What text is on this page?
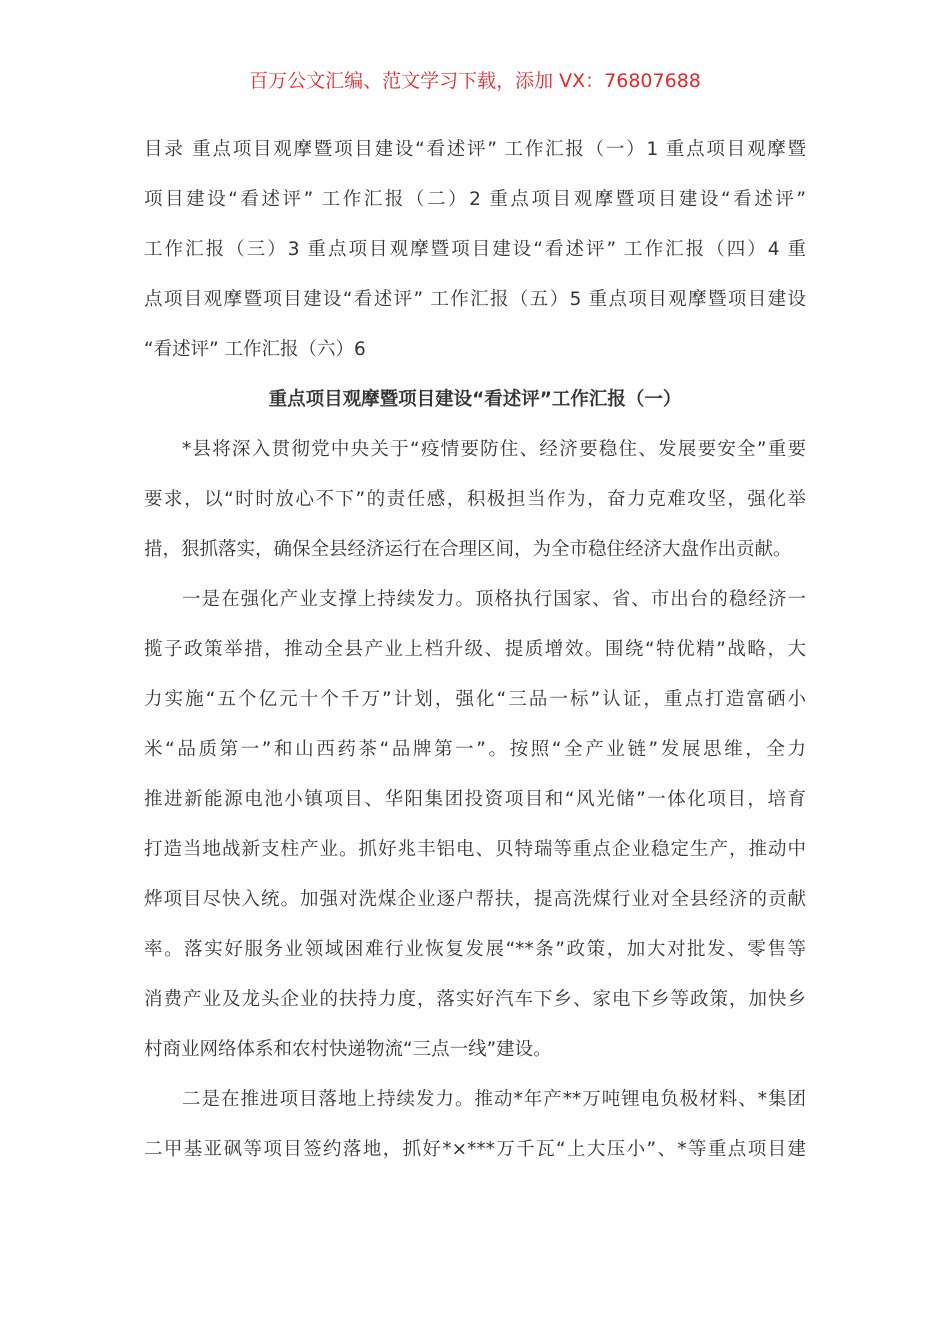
百万公文汇编、范文学习下载，添加 VX：76807688
目录 重点项目观摩暨项目建设“看述评” 工作汇报（一）1 重点项目观摩暨
项目建设“看述评” 工作汇报（二）2 重点项目观摩暨项目建设“看述评”
工作汇报（三）3 重点项目观摩暨项目建设“看述评” 工作汇报（四）4 重
点项目观摩暨项目建设“看述评” 工作汇报（五）5 重点项目观摩暨项目建设
“看述评” 工作汇报（六）6
重点项目观摩暨项目建设“看述评”工作汇报（一）
*县将深入贯彻党中央关于“疫情要防住、经济要稳住、发展要安全”重要
要求，以“时时放心不下”的责任感，积极担当作为，奋力克难攻坚，强化举
措，狠抓落实，确保全县经济运行在合理区间，为全市稳住经济大盘作出贡献。
一是在强化产业支撑上持续发力。顶格执行国家、省、市出台的稳经济一
揽子政策举措，推动全县产业上档升级、提质增效。围绕“特优精”战略，大
力实施“五个亿元十个千万”计划，强化“三品一标”认证，重点打造富硒小
米“品质第一”和山西药茶“品牌第一”。按照“全产业链”发展思维，全力
推进新能源电池小镇项目、华阳集团投资项目和“风光储”一体化项目，培育
打造当地战新支柱产业。抓好兆丰铝电、贝特瑞等重点企业稳定生产，推动中
烨项目尽快入统。加强对洗煤企业逐户帮扶，提高洗煤行业对全县经济的贡献
率。落实好服务业领域困难行业恢复发展“**条”政策，加大对批发、零售等
消费产业及龙头企业的扶持力度，落实好汽车下乡、家电下乡等政策，加快乡
村商业网络体系和农村快递物流“三点一线”建设。
二是在推进项目落地上持续发力。推动*年产**万吨锂电负极材料、*集团
二甲基亚砜等项目签约落地，抓好*×***万千瓦“上大压小”、*等重点项目建
